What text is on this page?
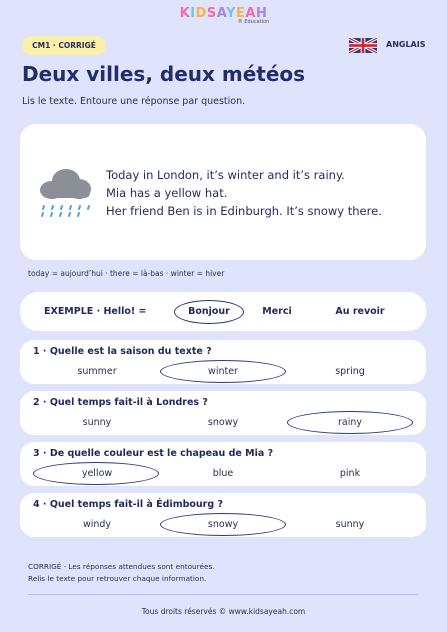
KIDSAYEAH
® Education
CM1 · CORRIGÉ	ANGLAIS
Deux villes, deux météos
Lis le texte. Entoure une réponse par question.
Today in London, it’s winter and it’s rainy.
Mia has a yellow hat.
Her friend Ben is in Edinburgh. It’s snowy there.
today = aujourd’hui · there = là-bas · winter = hiver
EXEMPLE · Hello! =	Bonjour	Merci	Au revoir
1 · Quelle est la saison du texte ?
summer	winter	spring
2 · Quel temps fait-il à Londres ?
sunny	snowy	rainy
3 · De quelle couleur est le chapeau de Mia ?
yellow	blue	pink
4 · Quel temps fait-il à Édimbourg ?
windy	snowy	sunny
CORRIGÉ · Les réponses attendues sont entourées.
Relis le texte pour retrouver chaque information.
Tous droits réservés © www.kidsayeah.com
